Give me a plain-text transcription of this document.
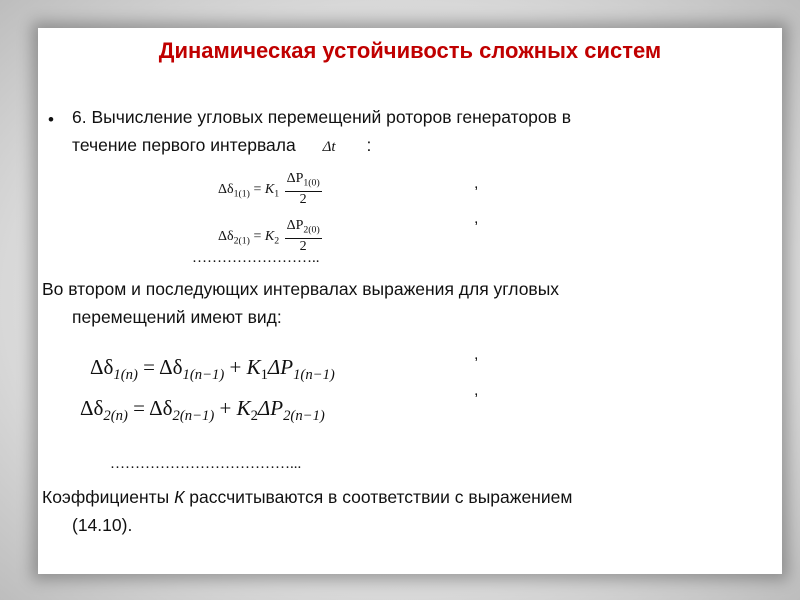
Динамическая устойчивость сложных систем
• 6. Вычисление угловых перемещений роторов генераторов в
течение первого интервала Δt :
$\Delta\delta_{1(1)} = K_1 \frac{\Delta P_{1(0)}}{2}$	,
$\Delta\delta_{2(1)} = K_2 \frac{\Delta P_{2(0)}}{2}$	,
……………………..
Во втором и последующих интервалах выражения для угловых
перемещений имеют вид:
$\Delta\delta_{1(n)} = \Delta\delta_{1(n-1)} + K_1\Delta P_{1(n-1)}$
,
$\Delta\delta_{2(n)} = \Delta\delta_{2(n-1)} + K_2\Delta P_{2(n-1)}$
,
………………………………...
Коэффициенты К рассчитываются в соответствии с выражением
(14.10).
